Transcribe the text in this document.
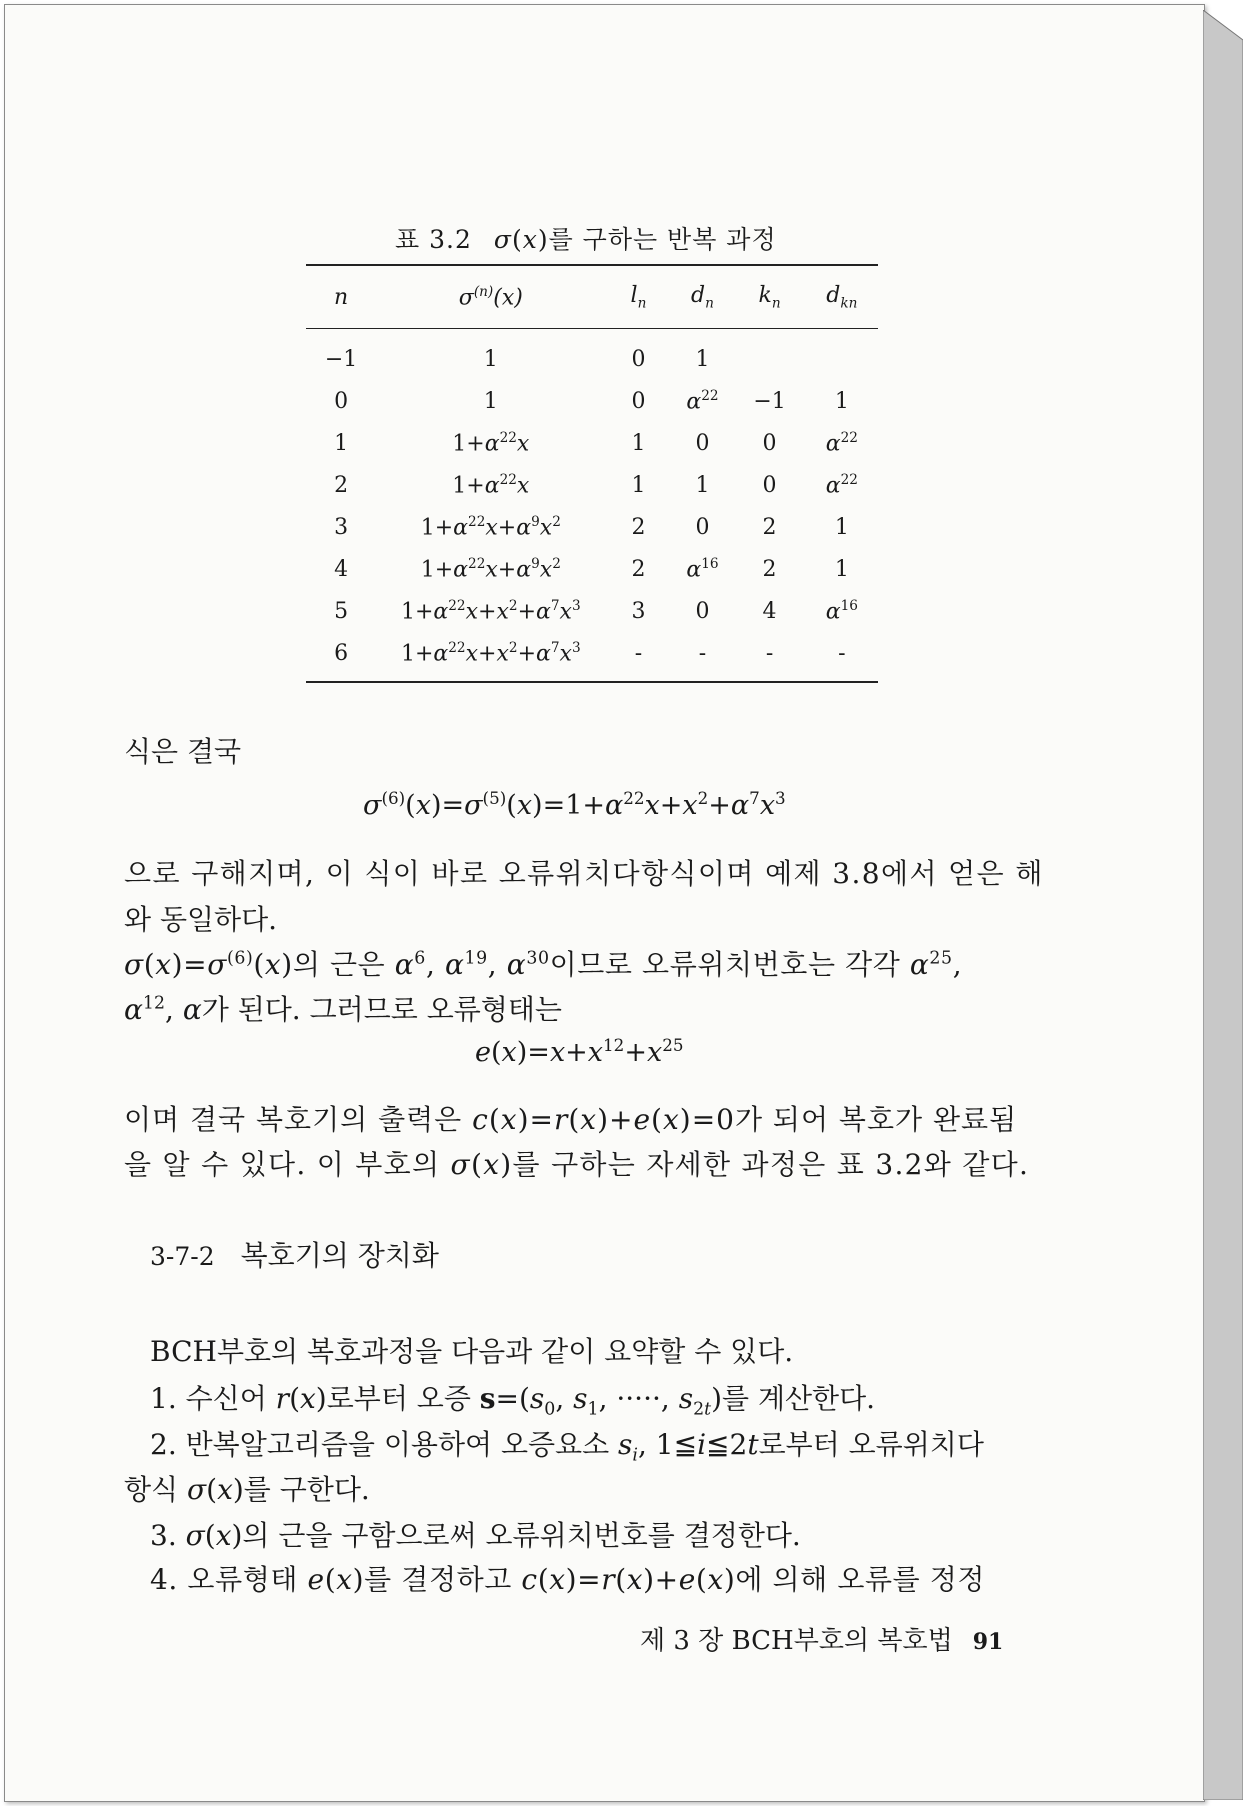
표 3.2 σ(x)를 구하는 반복 과정
n	$\sigma^{(n)}(x)$	$l_n$	$d_n$	$k_n$	$d_{kn}$
−1	1	0	1		
0	1	0	$\alpha^{22}$	−1	1
1	$1+\alpha^{22}x$	1	0	0	$\alpha^{22}$
2	$1+\alpha^{22}x$	1	1	0	$\alpha^{22}$
3	$1+\alpha^{22}x+\alpha^9x^2$	2	0	2	1
4	$1+\alpha^{22}x+\alpha^9x^2$	2	$\alpha^{16}$	2	1
5	$1+\alpha^{22}x+x^2+\alpha^7x^3$	3	0	4	$\alpha^{16}$
6	$1+\alpha^{22}x+x^2+\alpha^7x^3$	-	-	-	-
식은 결국
$\sigma^{(6)}(x)=\sigma^{(5)}(x)=1+\alpha^{22}x+x^2+\alpha^7x^3$
으로 구해지며, 이 식이 바로 오류위치다항식이며 예제 3.8에서 얻은 해
와 동일하다.
$\sigma(x)=\sigma^{(6)}(x)$의 근은 $\alpha^6$, $\alpha^{19}$, $\alpha^{30}$이므로 오류위치번호는 각각 $\alpha^{25}$,
$\alpha^{12}$, α가 된다. 그러므로 오류형태는
$e(x)=x+x^{12}+x^{25}$
이며 결국 복호기의 출력은 c(x)=r(x)+e(x)=0가 되어 복호가 완료됨
을 알 수 있다. 이 부호의 σ(x)를 구하는 자세한 과정은 표 3.2와 같다.
3-7-2 복호기의 장치화
BCH부호의 복호과정을 다음과 같이 요약할 수 있다.
1. 수신어 r(x)로부터 오증 $s=(s_0$, $s_1$, ·····, $s_{2t}$)를 계산한다.
2. 반복알고리즘을 이용하여 오증요소 $s_i$, 1≦i≦2t로부터 오류위치다
항식 σ(x)를 구한다.
3. σ(x)의 근을 구함으로써 오류위치번호를 결정한다.
4. 오류형태 e(x)를 결정하고 c(x)=r(x)+e(x)에 의해 오류를 정정
제 3 장 BCH부호의 복호법 91
